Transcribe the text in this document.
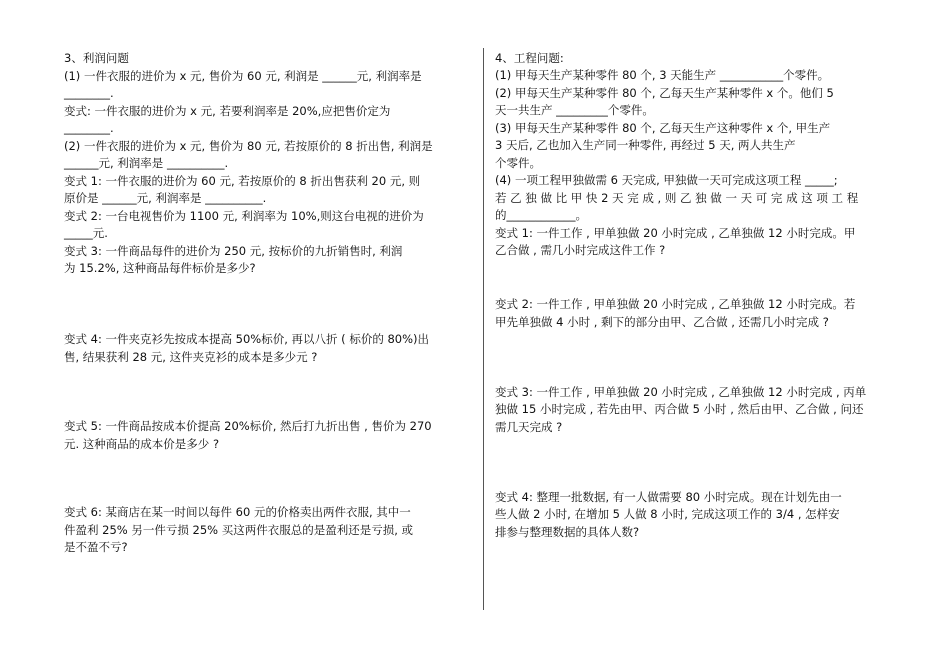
3、利润问题
(1) 一件衣服的进价为 x 元, 售价为 60 元, 利润是 ______元, 利润率是
________.
变式: 一件衣服的进价为 x 元, 若要利润率是 20%,应把售价定为
________.
(2) 一件衣服的进价为 x 元, 售价为 80 元, 若按原价的 8 折出售, 利润是
______元, 利润率是 __________.
变式 1: 一件衣服的进价为 60 元, 若按原价的 8 折出售获利 20 元, 则
原价是 ______元, 利润率是 __________.
变式 2: 一台电视售价为 1100 元, 利润率为 10%,则这台电视的进价为
_____元.
变式 3: 一件商品每件的进价为 250 元, 按标价的九折销售时, 利润
为 15.2%, 这种商品每件标价是多少?
变式 4: 一件夹克衫先按成本提高 50%标价, 再以八折 ( 标价的 80%)出
售, 结果获利 28 元, 这件夹克衫的成本是多少元 ?
变式 5: 一件商品按成本价提高 20%标价, 然后打九折出售 , 售价为 270
元. 这种商品的成本价是多少 ?
变式 6: 某商店在某一时间以每件 60 元的价格卖出两件衣服, 其中一
件盈利 25% 另一件亏损 25% 买这两件衣服总的是盈利还是亏损, 或
是不盈不亏?
4、工程问题:
(1) 甲每天生产某种零件 80 个, 3 天能生产 ___________个零件。
(2) 甲每天生产某种零件 80 个, 乙每天生产某种零件 x 个。他们 5
天一共生产 _________个零件。
(3) 甲每天生产某种零件 80 个, 乙每天生产这种零件 x 个, 甲生产
3 天后, 乙也加入生产同一种零件, 再经过 5 天, 两人共生产
个零件。
(4) 一项工程甲独做需 6 天完成, 甲独做一天可完成这项工程 _____;
若 乙 独 做 比 甲 快 2 天 完 成 , 则 乙 独 做 一 天 可 完 成 这 项 工 程
的____________。
变式 1: 一件工作 , 甲单独做 20 小时完成 , 乙单独做 12 小时完成。甲
乙合做 , 需几小时完成这件工作 ?
变式 2: 一件工作 , 甲单独做 20 小时完成 , 乙单独做 12 小时完成。若
甲先单独做 4 小时 , 剩下的部分由甲、乙合做 , 还需几小时完成 ?
变式 3: 一件工作 , 甲单独做 20 小时完成 , 乙单独做 12 小时完成 , 丙单
独做 15 小时完成 , 若先由甲、丙合做 5 小时 , 然后由甲、乙合做 , 问还
需几天完成 ?
变式 4: 整理一批数据, 有一人做需要 80 小时完成。现在计划先由一
些人做 2 小时, 在增加 5 人做 8 小时, 完成这项工作的 3/4 , 怎样安
排参与整理数据的具体人数?
